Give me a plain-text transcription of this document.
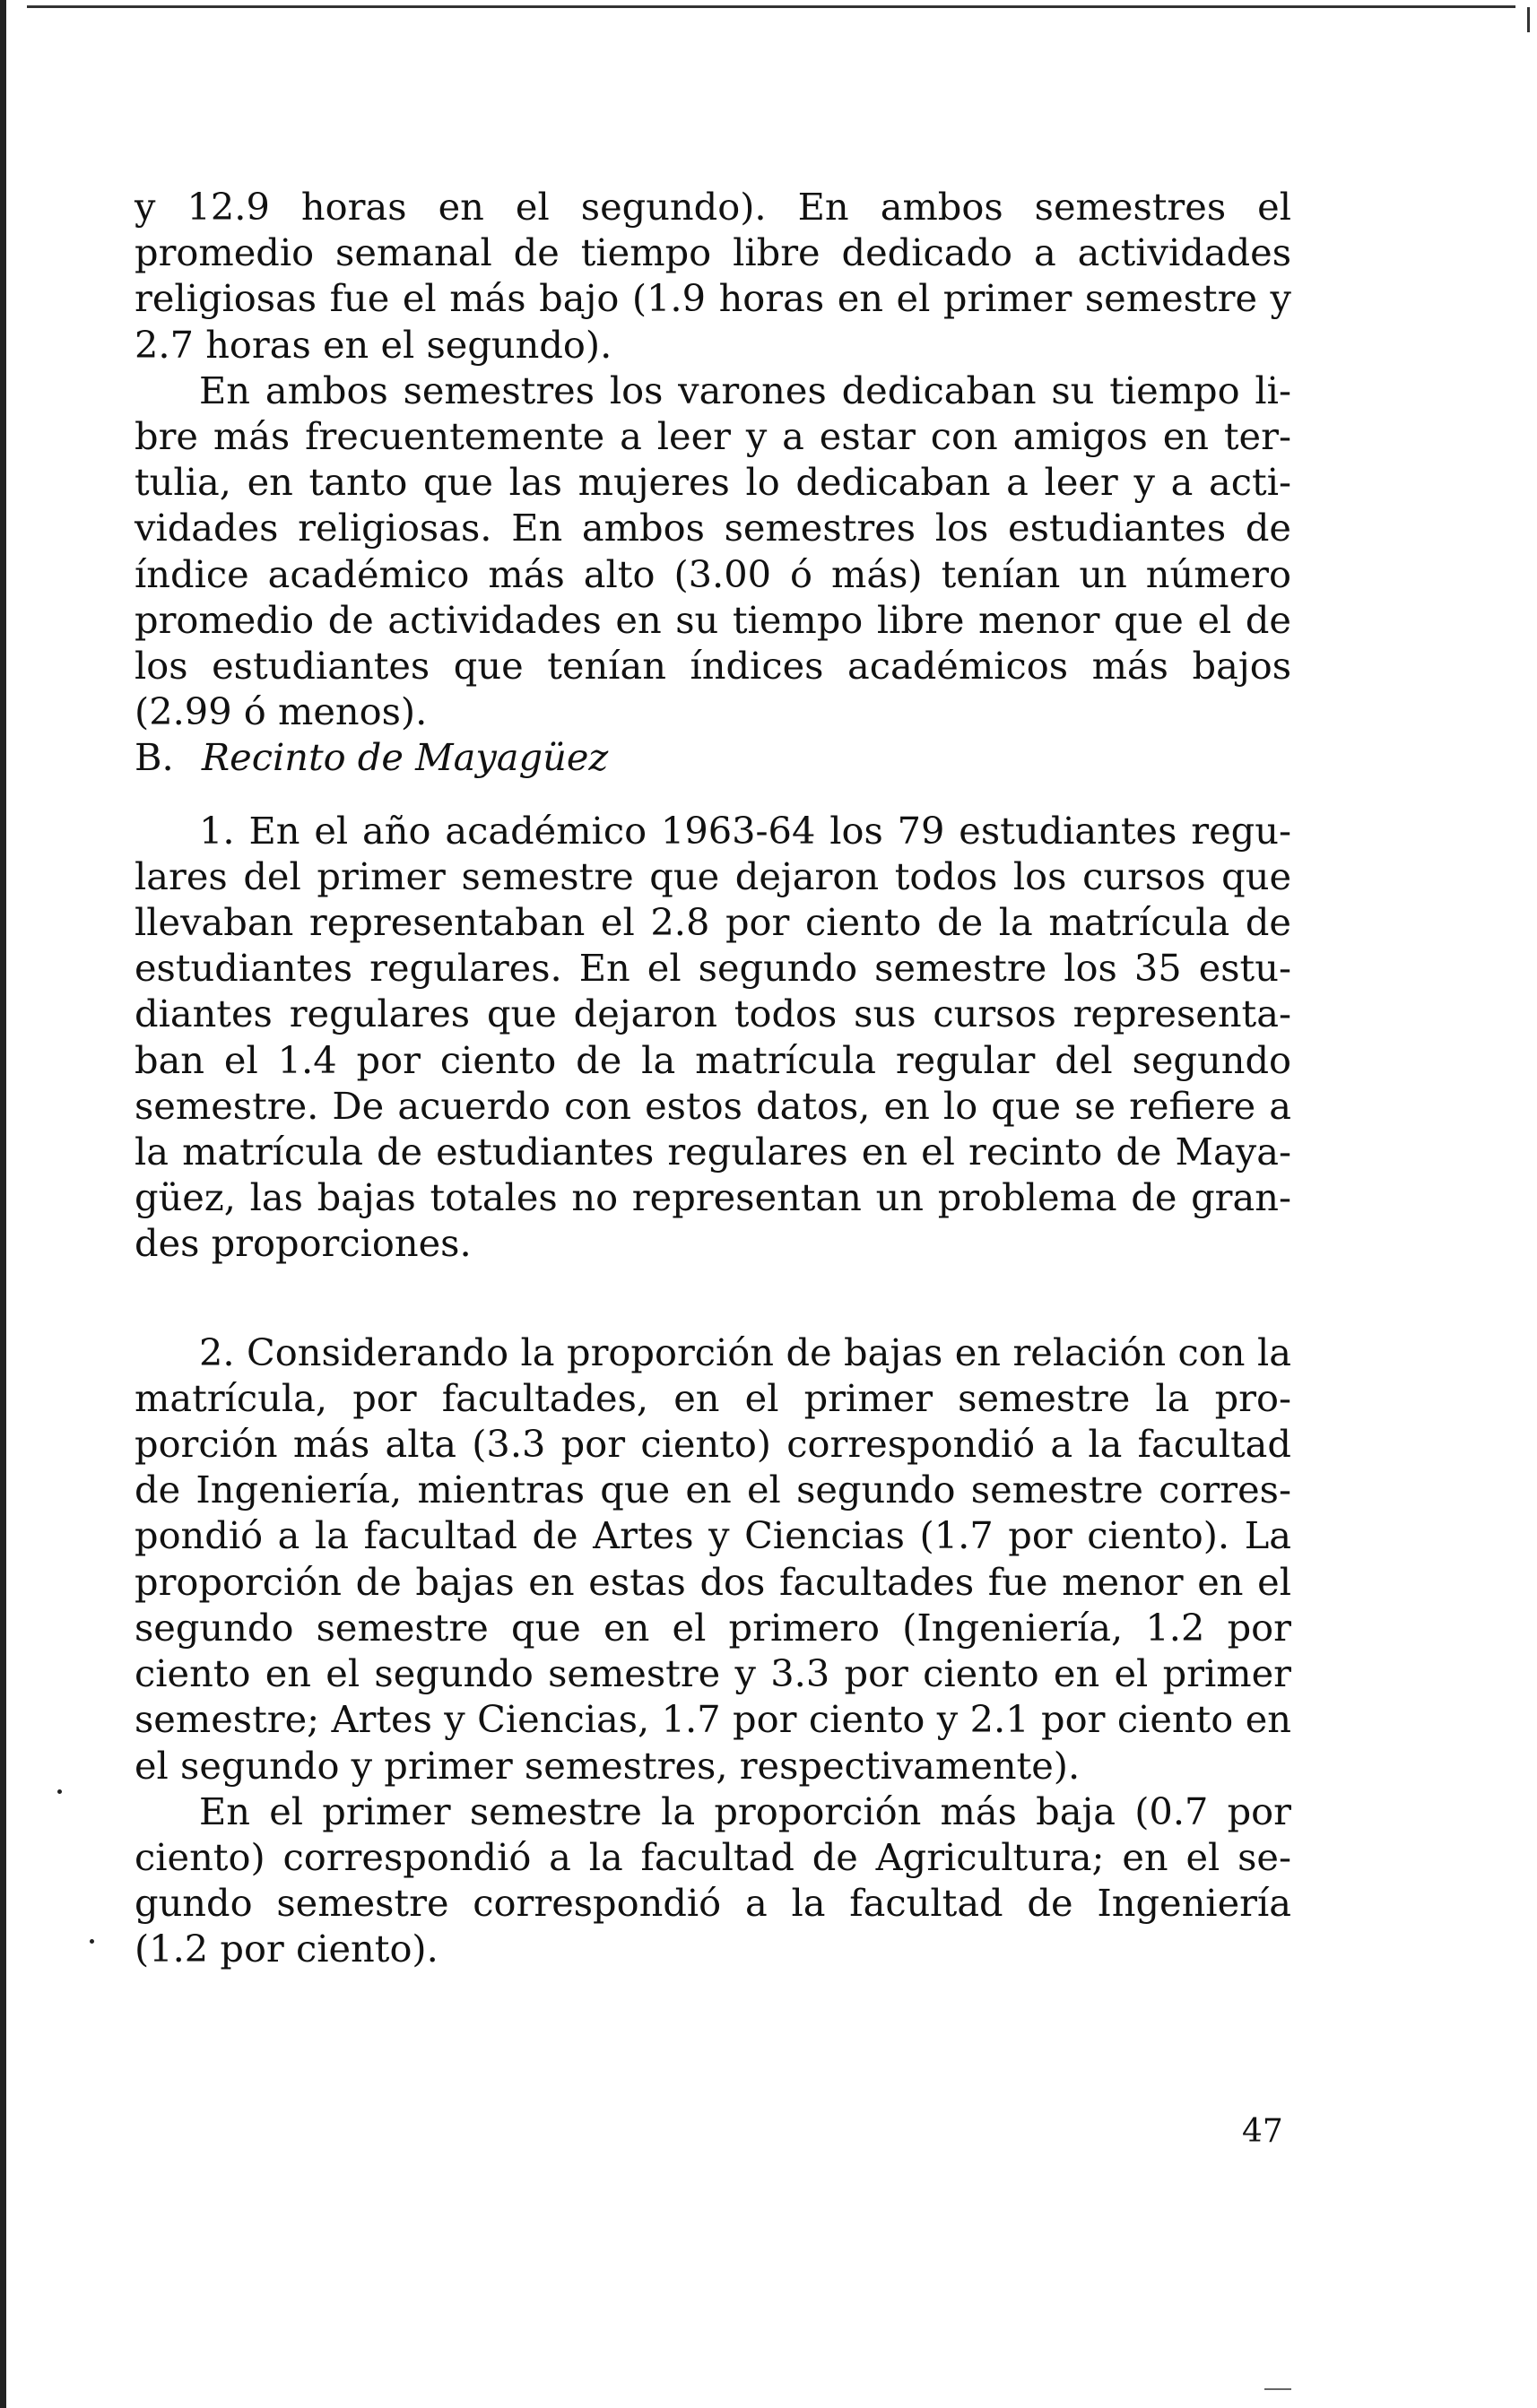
y 12.9 horas en el segundo). En ambos semestres el promedio semanal de tiempo libre dedicado a actividades religiosas fue el más bajo (1.9 horas en el primer semestre y 2.7 horas en el segundo).

En ambos semestres los varones dedicaban su tiempo libre más frecuentemente a leer y a estar con amigos en tertulia, en tanto que las mujeres lo dedicaban a leer y a actividades religiosas. En ambos semestres los estudiantes de índice académico más alto (3.00 ó más) tenían un número promedio de actividades en su tiempo libre menor que el de los estudiantes que tenían índices académicos más bajos (2.99 ó menos).

B. Recinto de Mayagüez

1. En el año académico 1963-64 los 79 estudiantes regulares del primer semestre que dejaron todos los cursos que llevaban representaban el 2.8 por ciento de la matrícula de estudiantes regulares. En el segundo semestre los 35 estudiantes regulares que dejaron todos sus cursos representaban el 1.4 por ciento de la matrícula regular del segundo semestre. De acuerdo con estos datos, en lo que se refiere a la matrícula de estudiantes regulares en el recinto de Mayagüez, las bajas totales no representan un problema de grandes proporciones.

2. Considerando la proporción de bajas en relación con la matrícula, por facultades, en el primer semestre la proporción más alta (3.3 por ciento) correspondió a la facultad de Ingeniería, mientras que en el segundo semestre correspondió a la facultad de Artes y Ciencias (1.7 por ciento). La proporción de bajas en estas dos facultades fue menor en el segundo semestre que en el primero (Ingeniería, 1.2 por ciento en el segundo semestre y 3.3 por ciento en el primer semestre; Artes y Ciencias, 1.7 por ciento y 2.1 por ciento en el segundo y primer semestres, respectivamente).

En el primer semestre la proporción más baja (0.7 por ciento) correspondió a la facultad de Agricultura; en el segundo semestre correspondió a la facultad de Ingeniería (1.2 por ciento).

47
